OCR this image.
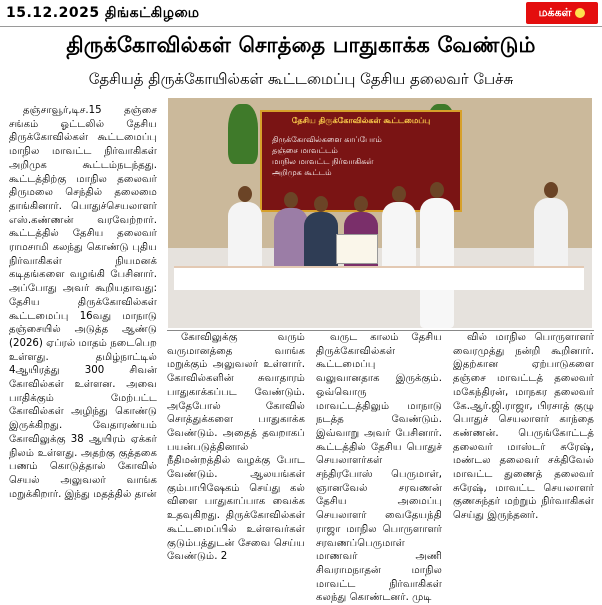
15.12.2025 திங்கட்கிழமை	மக்கள்
திருக்கோவில்கள் சொத்தை பாதுகாக்க வேண்டும்
தேசியத் திருக்கோயில்கள் கூட்டமைப்பு தேசிய தலைவர் பேச்சு

தஞ்சாவூர்,டிச.15 தஞ்சை சங்கம் ஓட்டலில் தேசிய திருக்கோவில்கள் கூட்டமைப்பு மாநில மாவட்ட நிர்வாகிகள் அறிமுக கூட்டம்நடந்தது. கூட்டத்திற்கு மாநில தலைவர் திருமலை செந்தில் தலைமை தாங்கினார். பொதுச்செயலாளர் எஸ்.கண்ணன் வரவேற்றார். கூட்டத்தில் தேசிய தலைவர் ராமசாமி கலந்து கொண்டு புதிய நிர்வாகிகள் நியமனக் கடிதங்களை வழங்கி பேசினார். அப்போது அவர் கூறியதாவது: தேசிய திருக்கோவில்கள் கூட்டமைப்பு 16வது மாநாடு தஞ்சையில் அடுத்த ஆண்டு (2026) ஏப்ரல் மாதம் நடைபெற உள்ளது. தமிழ்நாட்டில் 4ஆயிரத்து 300 சிவன் கோவில்கள் உள்ளன. அவை பாதிக்கும் மேற்பட்ட கோவில்கள் அழிந்து கொண்டு இருக்கிறது. வேதாரண்யம் கோவிலுக்கு 38 ஆயிரம் ஏக்கர் நிலம் உள்ளது. அதற்கு குத்தகை பணம் கொடுத்தால் கோவில் செயல் அலுவலர் வாங்க மறுக்கிறார். இந்து மதத்தில் தான்

தேசிய திருக்கோவில்கள் கூட்டமைப்பு
திருக்கோவில்களை காப்போம்
தஞ்சை மாவட்டம்
மாநில மாவட்ட நிர்வாகிகள்
அறிமுக கூட்டம்

கோவிலுக்கு வரும் வருமானத்தை வாங்க மறுக்கும் அலுவலர் உள்ளார். கோவில்களின் சுவாதாரம் பாதுகாக்கப்பட வேண்டும். அதேபோல் கோவில் சொத்துக்களை பாதுகாக்க வேண்டும். அதைத் தவறாகப் பயன்படுத்தினால் நீதிமன்றத்தில் வழக்கு போட வேண்டும். ஆலயங்கள் கும்பாபிஷேகம் செய்து கல் விளை பாதுகாப்பாக வைக்க உதவுகிறது. திருக்கோவில்கள் கூட்டமைப்பில் உள்ளவர்கள் குடும்பத்துடன் சேவை செய்ய வேண்டும். 2

வருட காலம் தேசிய திருக்கோவில்கள் கூட்டமைப்பு வலுவானதாக இருக்கும். ஒவ்வொரு மாவட்டத்திலும் மாநாடு நடத்த வேண்டும். இவ்வாறு அவர் பேசினார். கூட்டத்தில் தேசிய பொதுச் செயலாளர்கள் சந்திரபோஸ் பெருமாள், ஞானவேல் சரவணன் தேசிய அமைப்பு செயலாளர் வைதேயந்தி ராஜா மாநில பொருளாளர் சரவணப்பெருமாள் மாணவர் அணி சிவராமநாதன் மாநில மாவட்ட நிர்வாகிகள் கலந்து கொண்டனர். முடி

வில் மாநில பொருளாளர் வைரமுத்து நன்றி கூறினார். இதற்கான ஏற்பாடுகளை தஞ்சை மாவட்டத் தலைவர் மகேந்திரன், மாநகர தலைவர் கே.ஆர்.ஜி.ராஜா, பிரசாத் குழு பொதுச் செயலாளர் காந்தை கண்ணன். பெருங்கோட்டத் தலைவர் மாஸ்டர் சுரேஷ், மண்டல தலைவர் சக்திவேல் மாவட்ட துணைத் தலைவர் சுரேஷ், மாவட்ட செயலாளர் குணசுந்தர் மற்றும் நிர்வாகிகள் செய்து இருந்தனர்.
